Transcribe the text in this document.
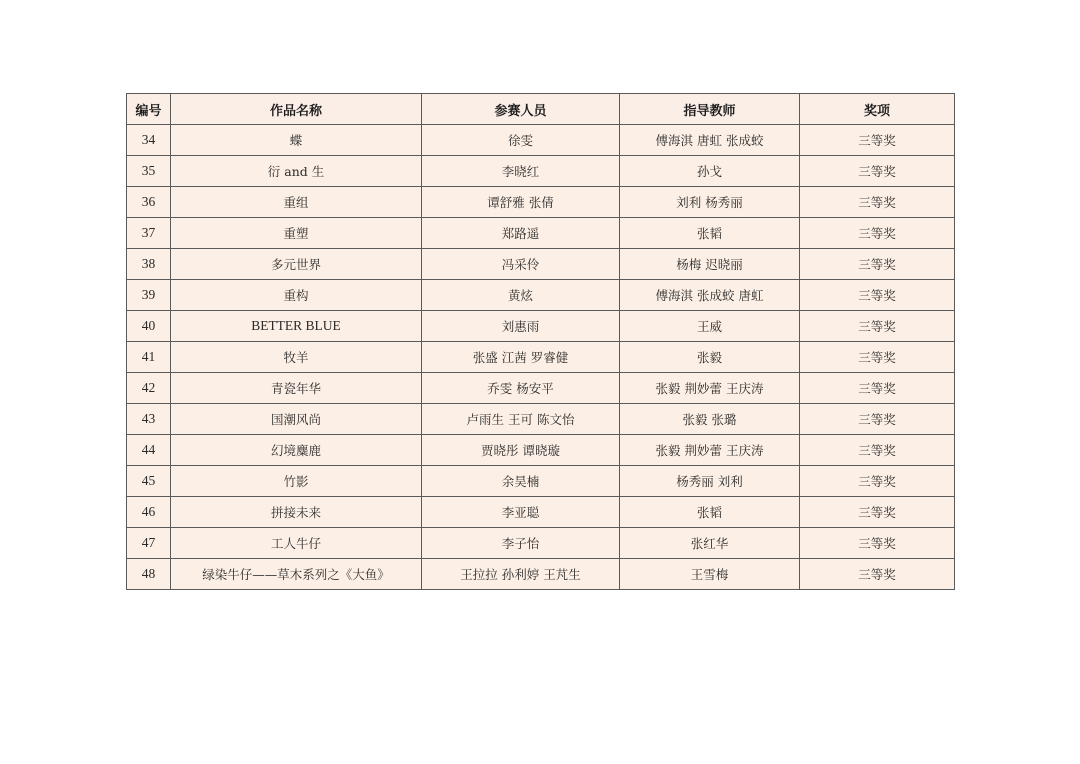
编号	作品名称	参赛人员	指导教师	奖项
34	蝶	徐雯	傅海淇 唐虹 张成蛟	三等奖
35	衍 and 生	李晓红	孙戈	三等奖
36	重组	谭舒雅 张倩	刘利 杨秀丽	三等奖
37	重塑	郑路遥	张韬	三等奖
38	多元世界	冯采伶	杨梅 迟晓丽	三等奖
39	重构	黄炫	傅海淇 张成蛟 唐虹	三等奖
40	BETTER BLUE	刘惠雨	王威	三等奖
41	牧羊	张盛 江茜 罗睿健	张毅	三等奖
42	青瓷年华	乔雯 杨安平	张毅 荆妙蕾 王庆涛	三等奖
43	国潮风尚	卢雨生 王可 陈文怡	张毅 张璐	三等奖
44	幻境麋鹿	贾晓彤 谭晓璇	张毅 荆妙蕾 王庆涛	三等奖
45	竹影	余昊楠	杨秀丽 刘利	三等奖
46	拼接未来	李亚聪	张韬	三等奖
47	工人牛仔	李子怡	张红华	三等奖
48	绿染牛仔——草木系列之《大鱼》	王拉拉 孙利婷 王芃生	王雪梅	三等奖
